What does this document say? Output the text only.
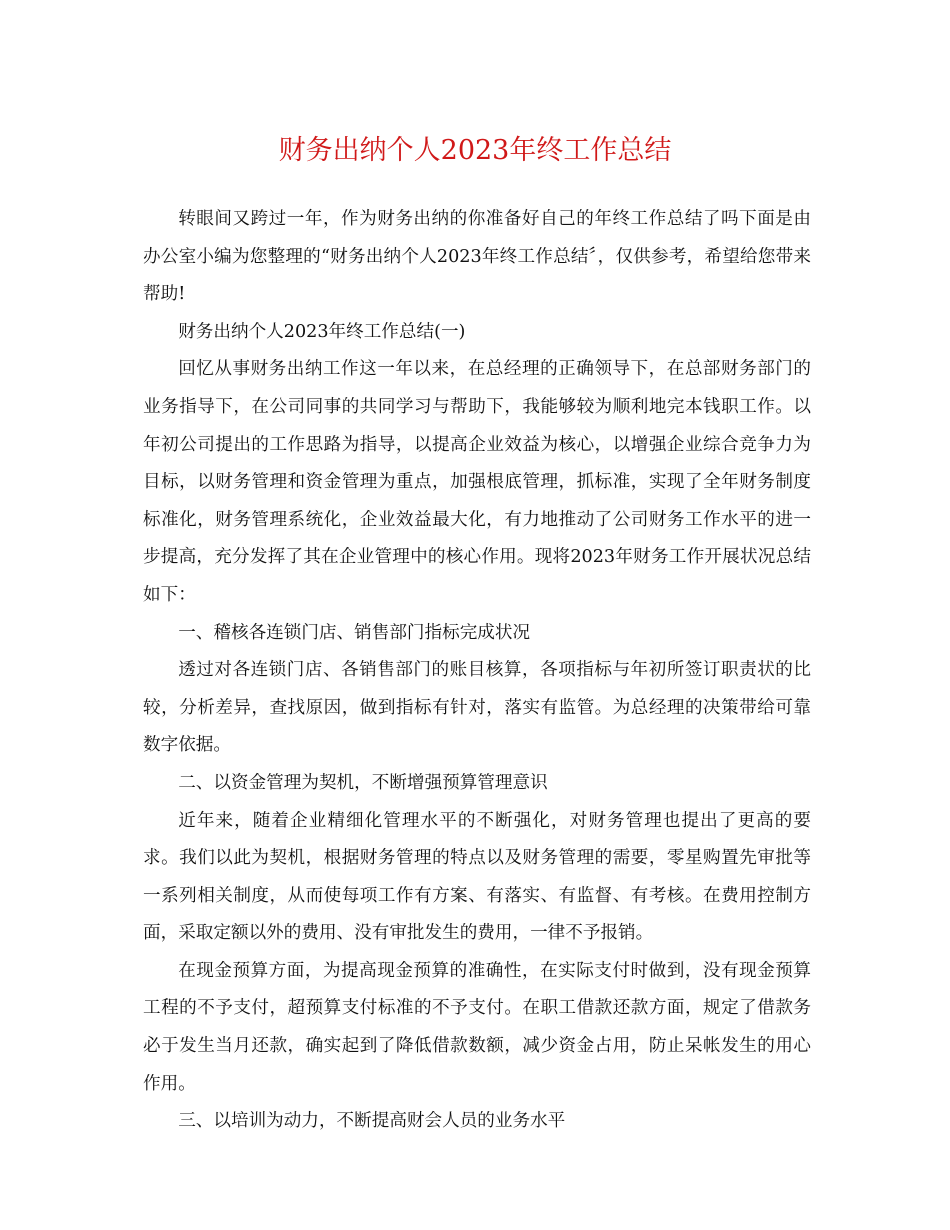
财务出纳个人2023年终工作总结

转眼间又跨过一年，作为财务出纳的你准备好自己的年终工作总结了吗下面是由办公室小编为您整理的“财务出纳个人2023年终工作总结〞，仅供参考，希望给您带来帮助!

财务出纳个人2023年终工作总结(一)

回忆从事财务出纳工作这一年以来，在总经理的正确领导下，在总部财务部门的业务指导下，在公司同事的共同学习与帮助下，我能够较为顺利地完本钱职工作。以年初公司提出的工作思路为指导，以提高企业效益为核心，以增强企业综合竞争力为目标，以财务管理和资金管理为重点，加强根底管理，抓标准，实现了全年财务制度标准化，财务管理系统化，企业效益最大化，有力地推动了公司财务工作水平的进一步提高，充分发挥了其在企业管理中的核心作用。现将2023年财务工作开展状况总结如下：

一、稽核各连锁门店、销售部门指标完成状况

透过对各连锁门店、各销售部门的账目核算，各项指标与年初所签订职责状的比较，分析差异，查找原因，做到指标有针对，落实有监管。为总经理的决策带给可靠数字依据。

二、以资金管理为契机，不断增强预算管理意识

近年来，随着企业精细化管理水平的不断强化，对财务管理也提出了更高的要求。我们以此为契机，根据财务管理的特点以及财务管理的需要，零星购置先审批等一系列相关制度，从而使每项工作有方案、有落实、有监督、有考核。在费用控制方面，采取定额以外的费用、没有审批发生的费用，一律不予报销。

在现金预算方面，为提高现金预算的准确性，在实际支付时做到，没有现金预算工程的不予支付，超预算支付标准的不予支付。在职工借款还款方面，规定了借款务必于发生当月还款，确实起到了降低借款数额，减少资金占用，防止呆帐发生的用心作用。

三、以培训为动力，不断提高财会人员的业务水平
